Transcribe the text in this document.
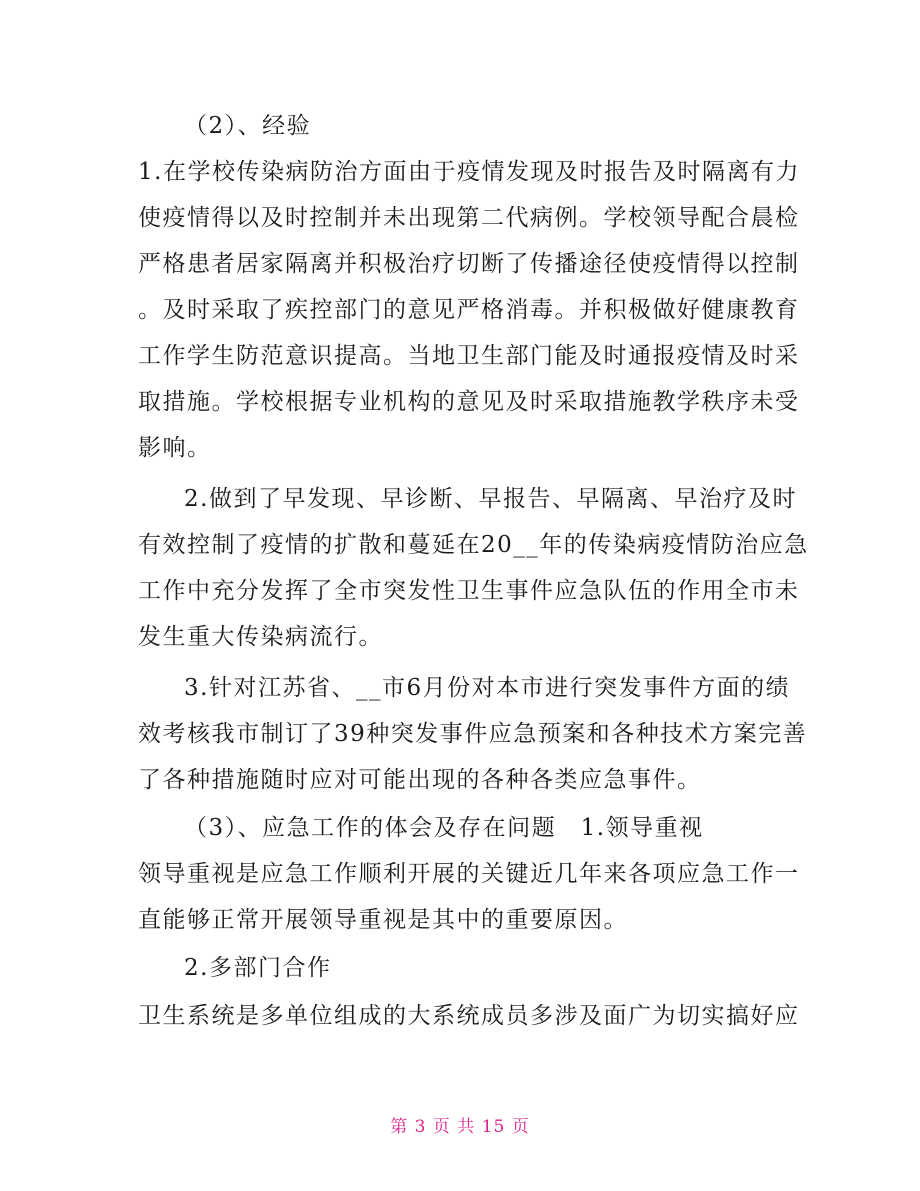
（2）、经验
1.在学校传染病防治方面由于疫情发现及时报告及时隔离有力
使疫情得以及时控制并未出现第二代病例。学校领导配合晨检
严格患者居家隔离并积极治疗切断了传播途径使疫情得以控制
。及时采取了疾控部门的意见严格消毒。并积极做好健康教育
工作学生防范意识提高。当地卫生部门能及时通报疫情及时采
取措施。学校根据专业机构的意见及时采取措施教学秩序未受
影响。
2.做到了早发现、早诊断、早报告、早隔离、早治疗及时
有效控制了疫情的扩散和蔓延在20__年的传染病疫情防治应急
工作中充分发挥了全市突发性卫生事件应急队伍的作用全市未
发生重大传染病流行。
3.针对江苏省、__市6月份对本市进行突发事件方面的绩
效考核我市制订了39种突发事件应急预案和各种技术方案完善
了各种措施随时应对可能出现的各种各类应急事件。
（3）、应急工作的体会及存在问题　1.领导重视
领导重视是应急工作顺利开展的关键近几年来各项应急工作一
直能够正常开展领导重视是其中的重要原因。
2.多部门合作
卫生系统是多单位组成的大系统成员多涉及面广为切实搞好应
第 3 页 共 15 页
